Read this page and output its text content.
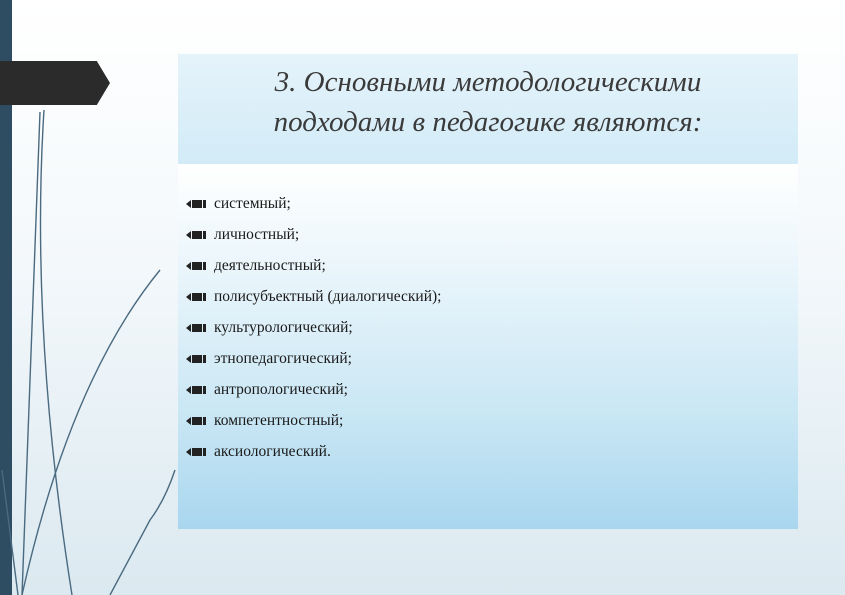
3. Основными методологическими
подходами в педагогике являются:
системный;
личностный;
деятельностный;
полисубъектный (диалогический);
культурологический;
этнопедагогический;
антропологический;
компетентностный;
аксиологический.
